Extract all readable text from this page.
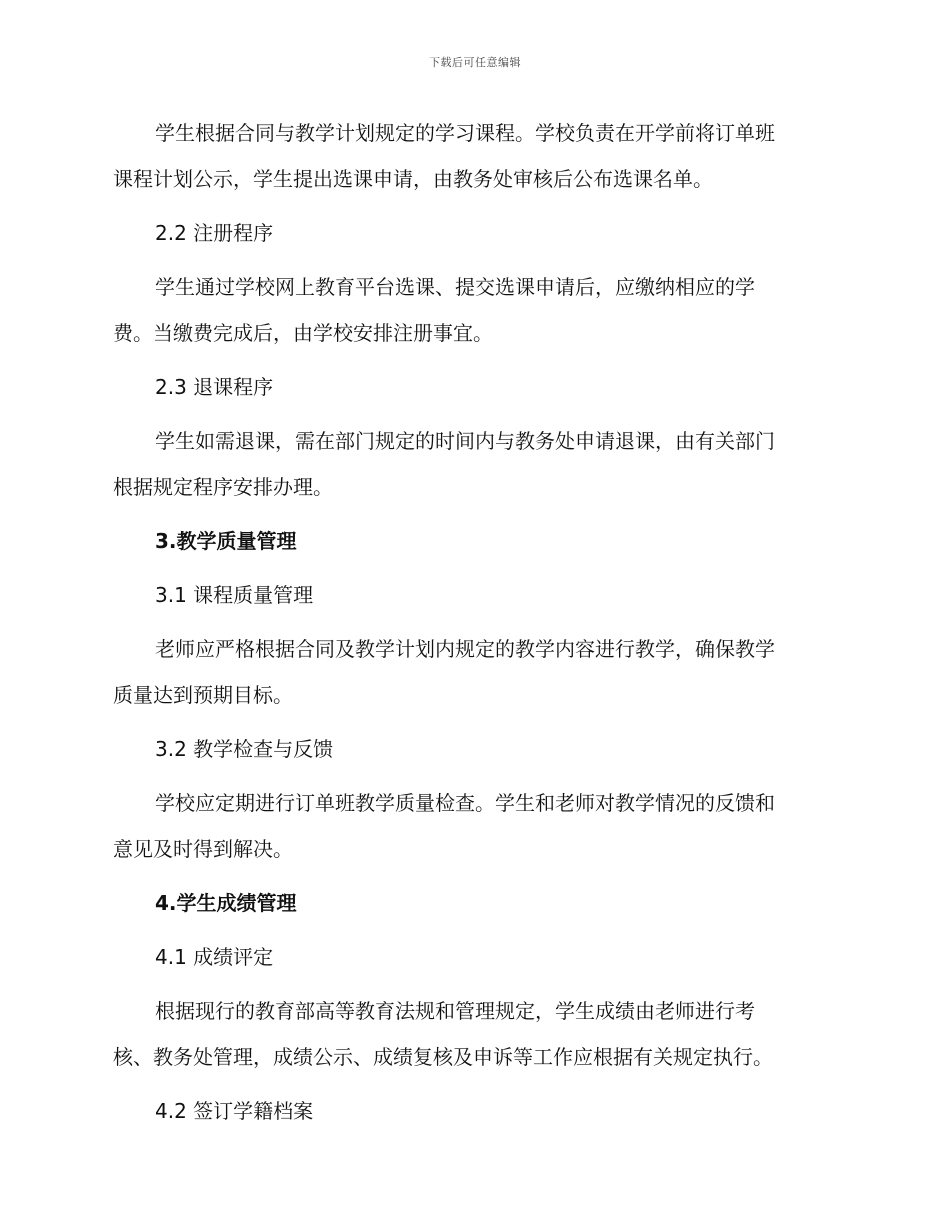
下载后可任意编辑
学生根据合同与教学计划规定的学习课程。学校负责在开学前将订单班
课程计划公示，学生提出选课申请，由教务处审核后公布选课名单。
2.2 注册程序
学生通过学校网上教育平台选课、提交选课申请后，应缴纳相应的学
费。当缴费完成后，由学校安排注册事宜。
2.3 退课程序
学生如需退课，需在部门规定的时间内与教务处申请退课，由有关部门
根据规定程序安排办理。
3.教学质量管理
3.1 课程质量管理
老师应严格根据合同及教学计划内规定的教学内容进行教学，确保教学
质量达到预期目标。
3.2 教学检查与反馈
学校应定期进行订单班教学质量检查。学生和老师对教学情况的反馈和
意见及时得到解决。
4.学生成绩管理
4.1 成绩评定
根据现行的教育部高等教育法规和管理规定，学生成绩由老师进行考
核、教务处管理，成绩公示、成绩复核及申诉等工作应根据有关规定执行。
4.2 签订学籍档案
